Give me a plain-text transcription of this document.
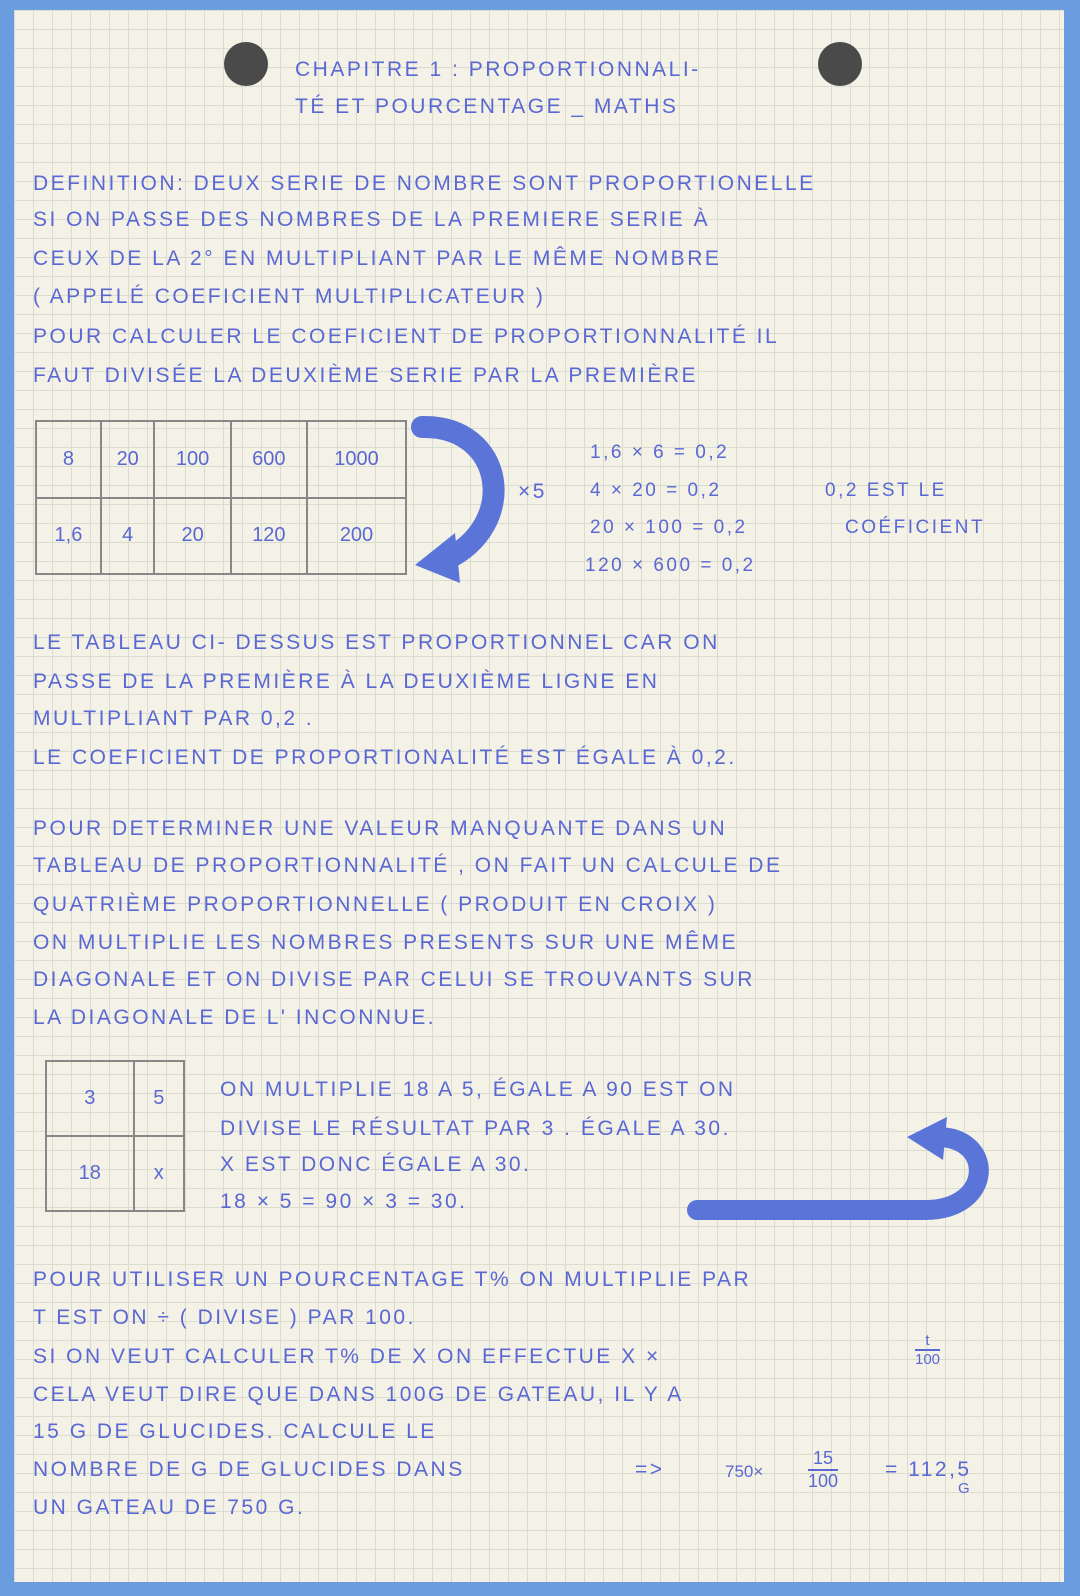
CHAPITRE 1 : PROPORTIONNALI-
TÉ ET POURCENTAGE _ MATHS
DEFINITION: DEUX SERIE DE NOMBRE SONT PROPORTIONELLE
SI ON PASSE DES NOMBRES DE LA PREMIERE SERIE À
CEUX DE LA 2° EN MULTIPLIANT PAR LE MÊME NOMBRE
( APPELÉ COEFICIENT MULTIPLICATEUR )
POUR CALCULER LE COEFICIENT DE PROPORTIONNALITÉ IL
FAUT DIVISÉE LA DEUXIÈME SERIE PAR LA PREMIÈRE
8	20	100	600	1000
1,6	4	20	120	200
×5
1,6 × 6 = 0,2
4 × 20 = 0,2
20 × 100 = 0,2
120 × 600 = 0,2
0,2 EST LE
COÉFICIENT
LE TABLEAU CI- DESSUS EST PROPORTIONNEL CAR ON
PASSE DE LA PREMIÈRE À LA DEUXIÈME LIGNE EN
MULTIPLIANT PAR 0,2 .
LE COEFICIENT DE PROPORTIONALITÉ EST ÉGALE À 0,2.
POUR DETERMINER UNE VALEUR MANQUANTE DANS UN
TABLEAU DE PROPORTIONNALITÉ , ON FAIT UN CALCULE DE
QUATRIÈME PROPORTIONNELLE ( PRODUIT EN CROIX )
ON MULTIPLIE LES NOMBRES PRESENTS SUR UNE MÊME
DIAGONALE ET ON DIVISE PAR CELUI SE TROUVANTS SUR
LA DIAGONALE DE L' INCONNUE.
3	5
18	x
ON MULTIPLIE 18 A 5, ÉGALE A 90 EST ON
DIVISE LE RÉSULTAT PAR 3 . ÉGALE A 30.
X EST DONC ÉGALE A 30.
18 × 5 = 90 × 3 = 30.
POUR UTILISER UN POURCENTAGE T% ON MULTIPLIE PAR
T EST ON ÷ ( DIVISE ) PAR 100.
SI ON VEUT CALCULER T% DE X ON EFFECTUE X ×	$\frac{t}{100}$
CELA VEUT DIRE QUE DANS 100G DE GATEAU, IL Y A
15 G DE GLUCIDES. CALCULE LE
NOMBRE DE G DE GLUCIDES DANS
UN GATEAU DE 750 G.
=>	$750\times \frac{15}{100} = 112,5$
G
